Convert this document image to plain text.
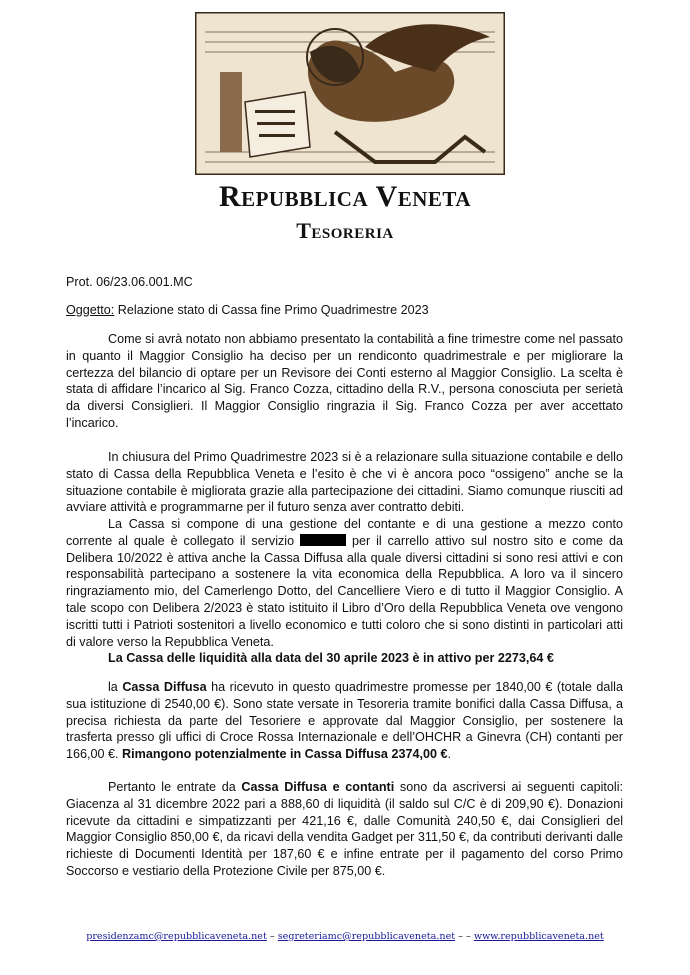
Repubblica Veneta
Tesoreria
Prot. 06/23.06.001.MC
Oggetto: Relazione stato di Cassa fine Primo Quadrimestre 2023
Come si avrà notato non abbiamo presentato la contabilità a fine trimestre come nel passato in quanto il Maggior Consiglio ha deciso per un rendiconto quadrimestrale e per migliorare la certezza del bilancio di optare per un Revisore dei Conti esterno al Maggior Consiglio. La scelta è stata di affidare l’incarico al Sig. Franco Cozza, cittadino della R.V., persona conosciuta per serietà da diversi Consiglieri. Il Maggior Consiglio ringrazia il Sig. Franco Cozza per aver accettato l’incarico.
In chiusura del Primo Quadrimestre 2023 si è a relazionare sulla situazione contabile e dello stato di Cassa della Repubblica Veneta e l’esito è che vi è ancora poco “ossigeno” anche se la situazione contabile è migliorata grazie alla partecipazione dei cittadini. Siamo comunque riusciti ad avviare attività e programmarne per il futuro senza aver contratto debiti.
La Cassa si compone di una gestione del contante e di una gestione a mezzo conto corrente al quale è collegato il servizio	per il carrello attivo sul nostro sito e come da Delibera 10/2022 è attiva anche la Cassa Diffusa alla quale diversi cittadini si sono resi attivi e con responsabilità partecipano a sostenere la vita economica della Repubblica. A loro va il sincero ringraziamento mio, del Camerlengo Dotto, del Cancelliere Viero e di tutto il Maggior Consiglio. A tale scopo con Delibera 2/2023 è stato istituito il Libro d’Oro della Repubblica Veneta ove vengono iscritti tutti i Patrioti sostenitori a livello economico e tutti coloro che si sono distinti in particolari atti di valore verso la Repubblica Veneta.
La Cassa delle liquidità alla data del 30 aprile 2023 è in attivo per 2273,64 €
la Cassa Diffusa ha ricevuto in questo quadrimestre promesse per 1840,00 € (totale dalla sua istituzione di 2540,00 €). Sono state versate in Tesoreria tramite bonifici dalla Cassa Diffusa, a precisa richiesta da parte del Tesoriere e approvate dal Maggior Consiglio, per sostenere la trasferta presso gli uffici di Croce Rossa Internazionale e dell’OHCHR a Ginevra (CH) contanti per 166,00 €. Rimangono potenzialmente in Cassa Diffusa 2374,00 €.
Pertanto le entrate da Cassa Diffusa e contanti sono da ascriversi ai seguenti capitoli: Giacenza al 31 dicembre 2022 pari a 888,60 di liquidità (il saldo sul C/C è di 209,90 €). Donazioni ricevute da cittadini e simpatizzanti per 421,16 €, dalle Comunità 240,50 €, dai Consiglieri del Maggior Consiglio 850,00 €, da ricavi della vendita Gadget per 311,50 €, da contributi derivanti dalle richieste di Documenti Identità per 187,60 € e infine entrate per il pagamento del corso Primo Soccorso e vestiario della Protezione Civile per 875,00 €.
presidenzamc@repubblicaveneta.net – segreteriamc@repubblicaveneta.net – – www.repubblicaveneta.net
